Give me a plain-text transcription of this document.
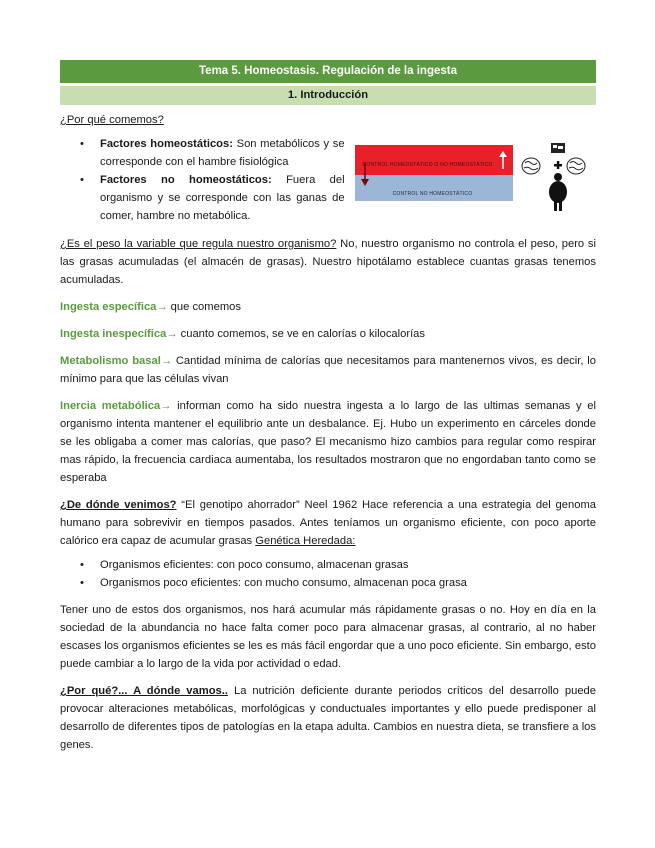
Tema 5. Homeostasis. Regulación de la ingesta
1. Introducción
¿Por qué comemos?
• Factores homeostáticos: Son metabólicos y se corresponde con el hambre fisiológica
• Factores no homeostáticos: Fuera del organismo y se corresponde con las ganas de comer, hambre no metabólica.
CONTROL HOMEOSTÁTICO O NO HOMEOSTÁTICO
CONTROL NO HOMEOSTÁTICO
¿Es el peso la variable que regula nuestro organismo? No, nuestro organismo no controla el peso, pero si las grasas acumuladas (el almacén de grasas). Nuestro hipotálamo establece cuantas grasas tenemos acumuladas.
Ingesta específica→ que comemos
Ingesta inespecífica→ cuanto comemos, se ve en calorías o kilocalorías
Metabolismo basal→ Cantidad mínima de calorías que necesitamos para mantenernos vivos, es decir, lo mínimo para que las células vivan
Inercia metabólica→ informan como ha sido nuestra ingesta a lo largo de las ultimas semanas y el organismo intenta mantener el equilibrio ante un desbalance. Ej. Hubo un experimento en cárceles donde se les obligaba a comer mas calorías, que paso? El mecanismo hizo cambios para regular como respirar mas rápido, la frecuencia cardiaca aumentaba, los resultados mostraron que no engordaban tanto como se esperaba
¿De dónde venimos? “El genotipo ahorrador” Neel 1962 Hace referencia a una estrategia del genoma humano para sobrevivir en tiempos pasados. Antes teníamos un organismo eficiente, con poco aporte calórico era capaz de acumular grasas Genética Heredada:
• Organismos eficientes: con poco consumo, almacenan grasas
• Organismos poco eficientes: con mucho consumo, almacenan poca grasa
Tener uno de estos dos organismos, nos hará acumular más rápidamente grasas o no. Hoy en día en la sociedad de la abundancia no hace falta comer poco para almacenar grasas, al contrario, al no haber escases los organismos eficientes se les es más fácil engordar que a uno poco eficiente. Sin embargo, esto puede cambiar a lo largo de la vida por actividad o edad.
¿Por qué?... A dónde vamos.. La nutrición deficiente durante periodos críticos del desarrollo puede provocar alteraciones metabólicas, morfológicas y conductuales importantes y ello puede predisponer al desarrollo de diferentes tipos de patologías en la etapa adulta. Cambios en nuestra dieta, se transfiere a los genes.
